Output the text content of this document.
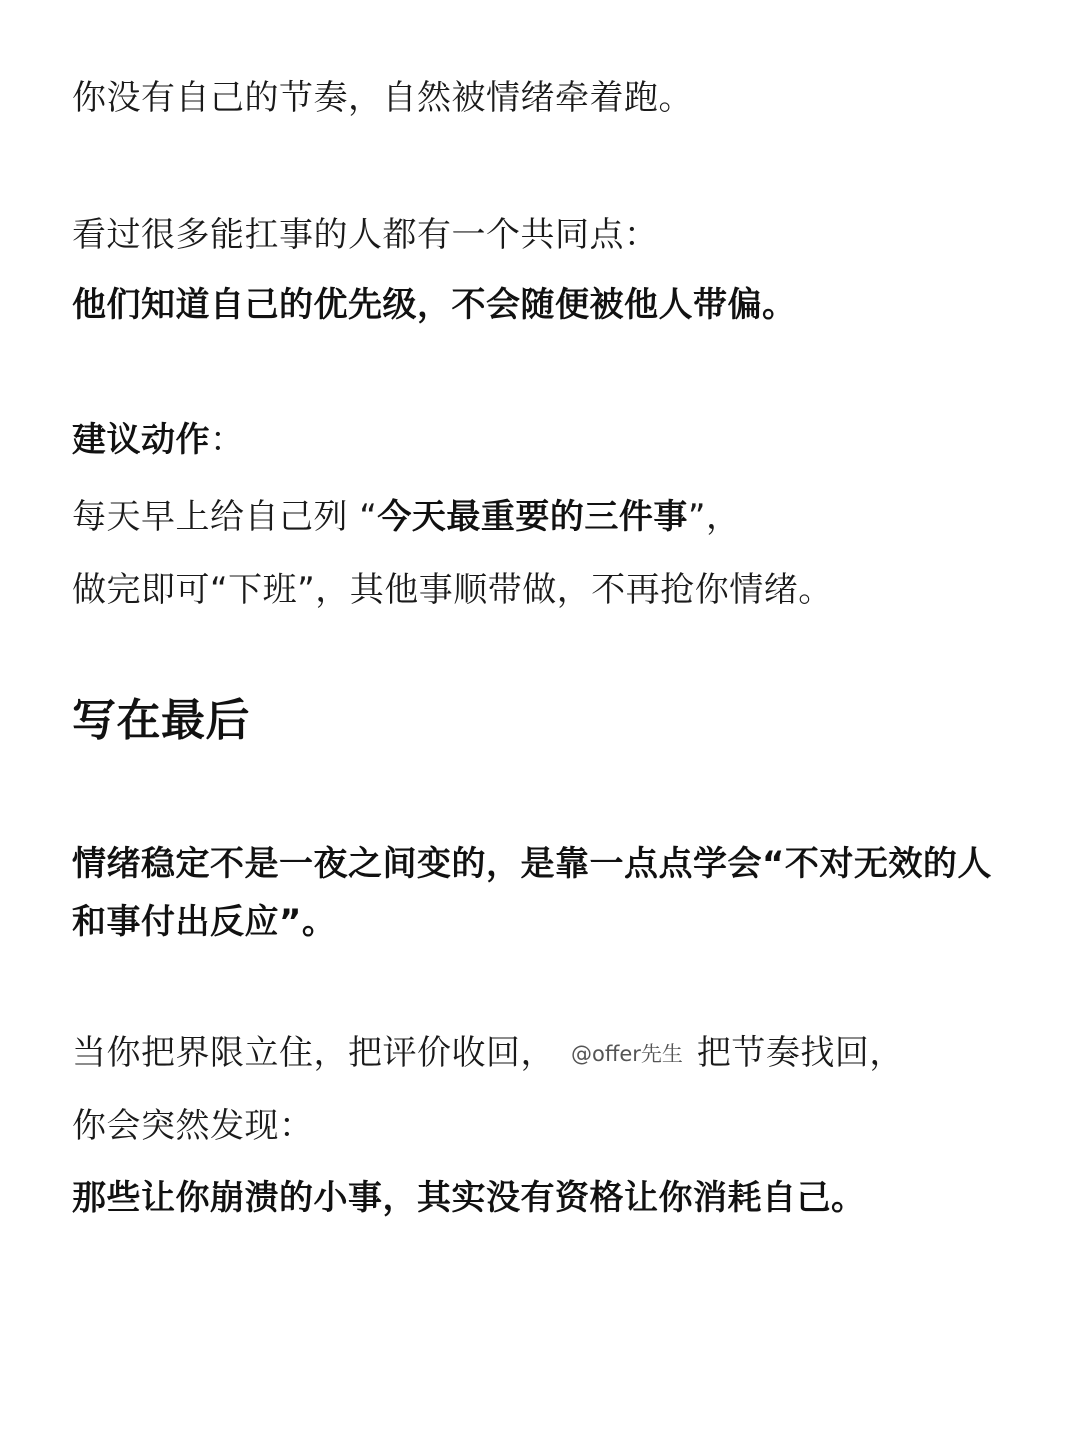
你没有自己的节奏，自然被情绪牵着跑。
看过很多能扛事的人都有一个共同点：
他们知道自己的优先级，不会随便被他人带偏。
建议动作：
每天早上给自己列 “今天最重要的三件事”，
做完即可“下班”，其他事顺带做，不再抢你情绪。
写在最后
情绪稳定不是一夜之间变的，是靠一点点学会“不对无效的人和事付出反应”。
当你把界限立住，把评价收回， @offer先生 把节奏找回，
你会突然发现：
那些让你崩溃的小事，其实没有资格让你消耗自己。
